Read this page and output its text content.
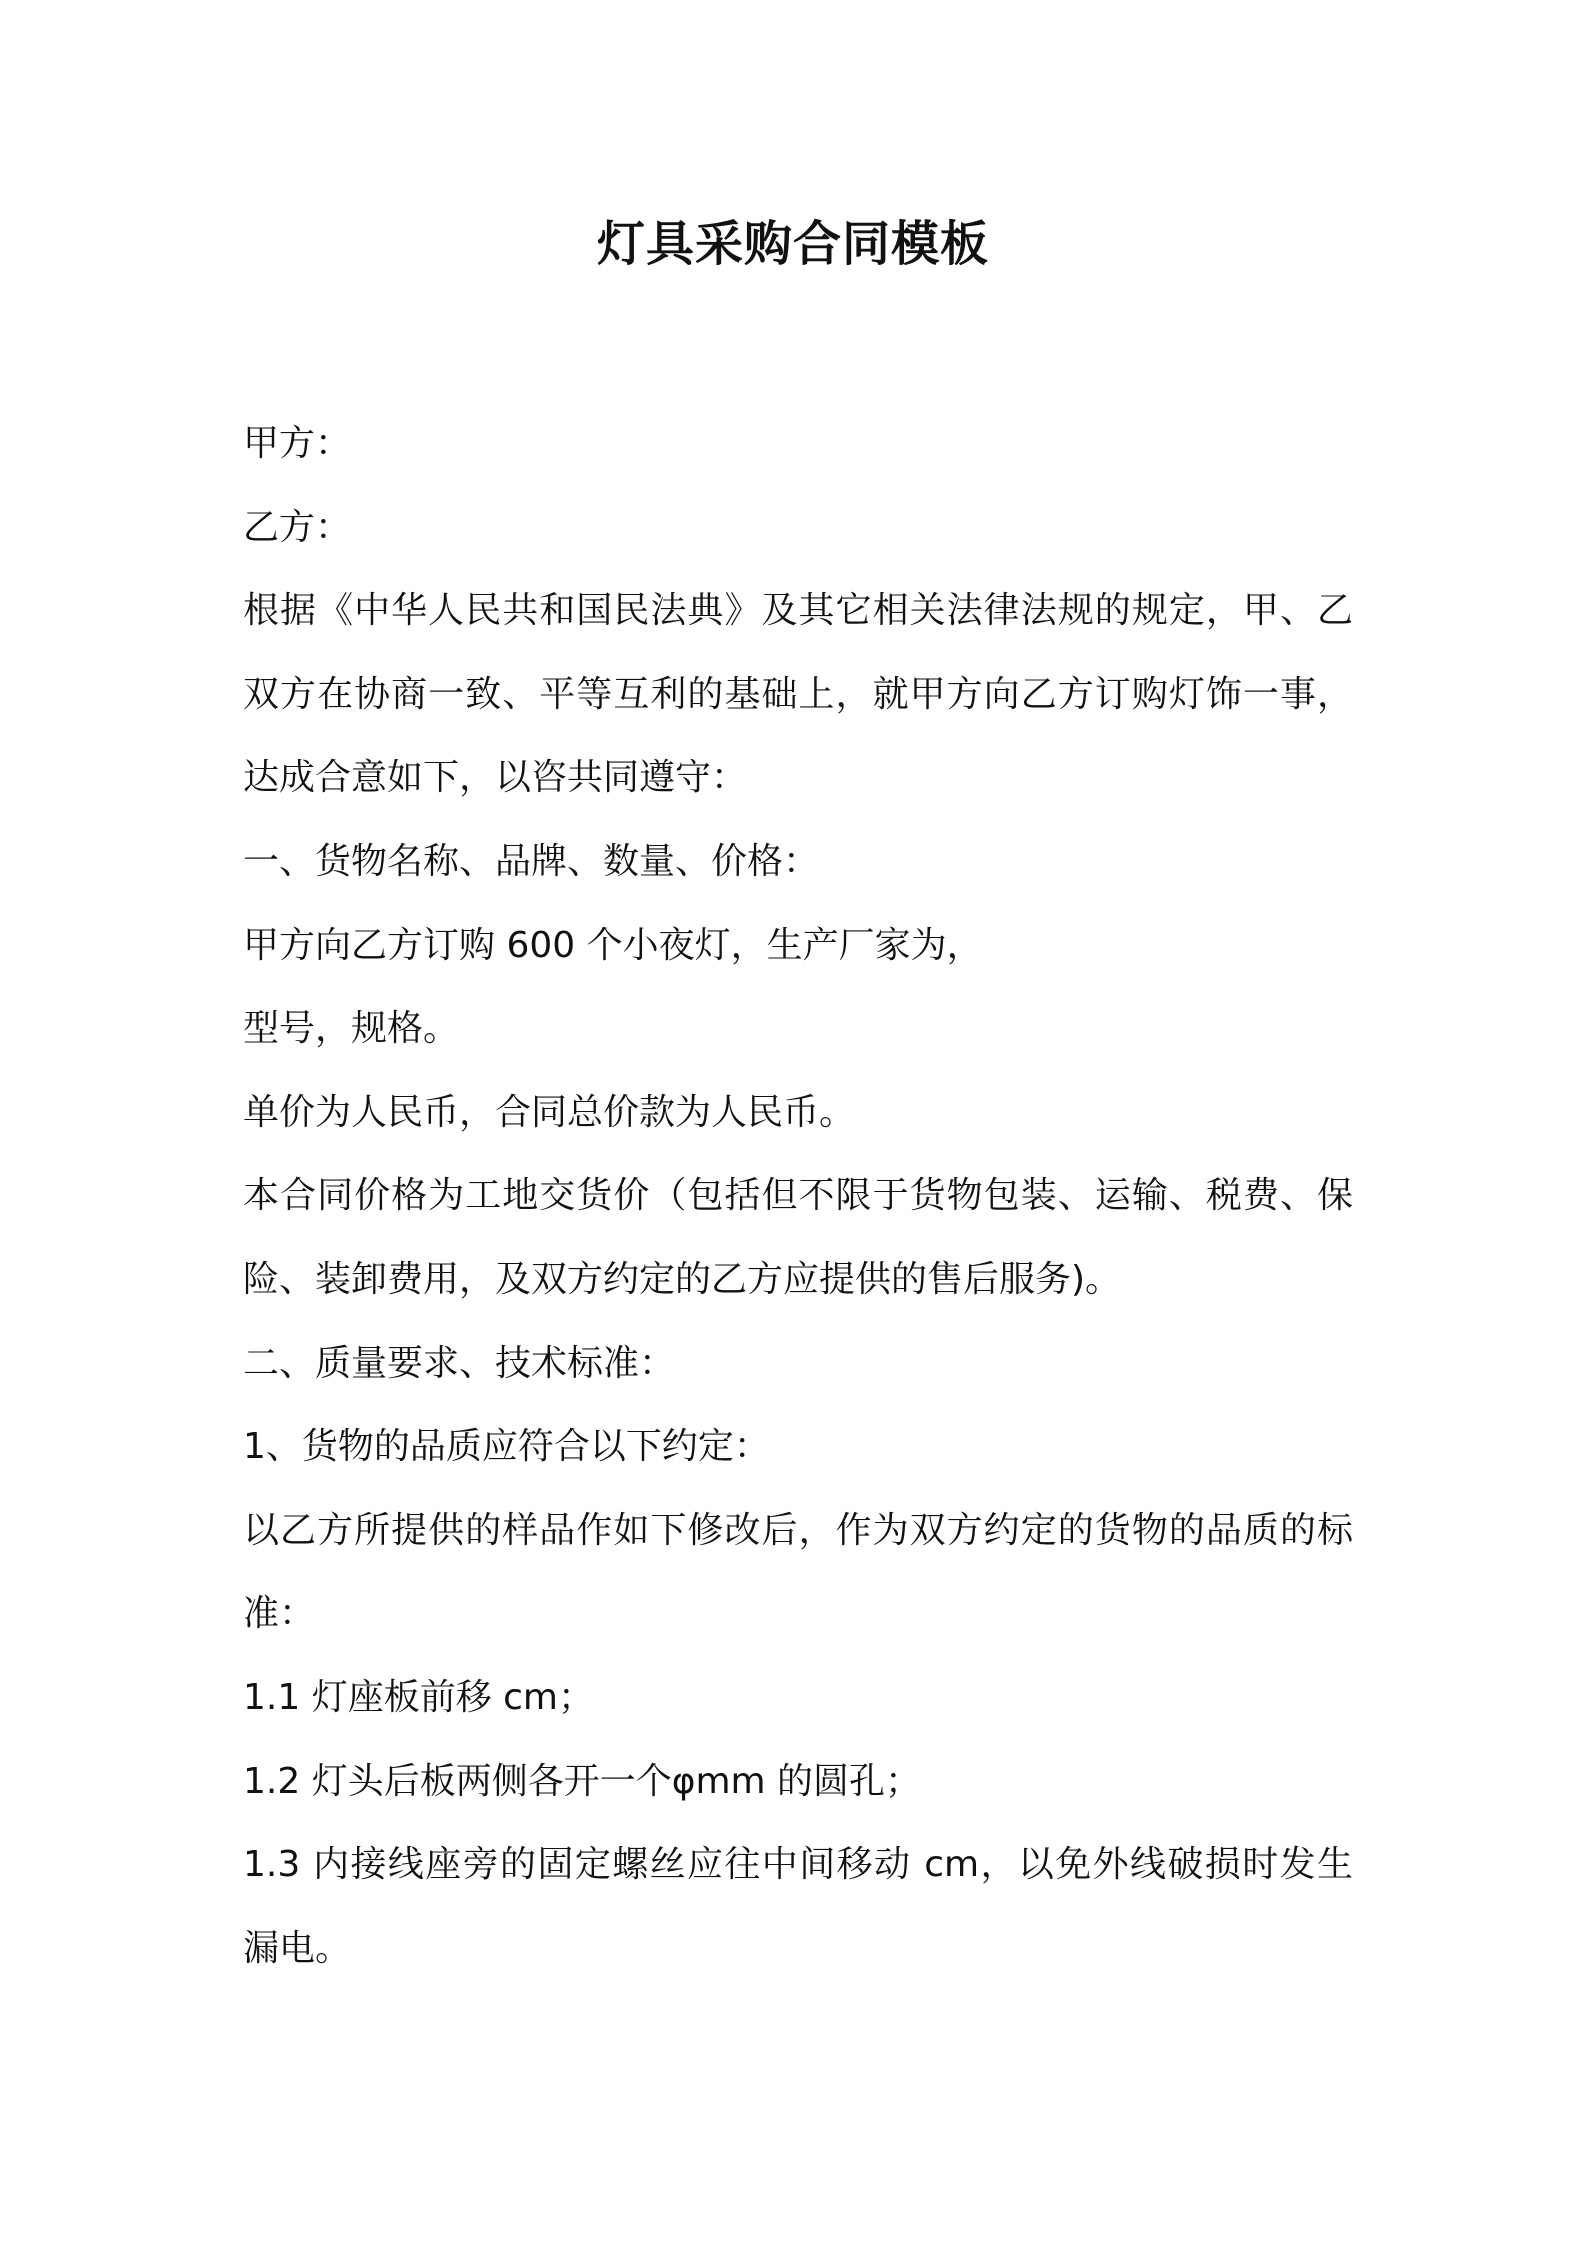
灯具采购合同模板
甲方：
乙方：
根据《中华人民共和国民法典》及其它相关法律法规的规定，甲、乙
双方在协商一致、平等互利的基础上，就甲方向乙方订购灯饰一事，
达成合意如下，以咨共同遵守：
一、货物名称、品牌、数量、价格：
甲方向乙方订购 600 个小夜灯，生产厂家为，
型号，规格。
单价为人民币，合同总价款为人民币。
本合同价格为工地交货价（包括但不限于货物包装、运输、税费、保
险、装卸费用，及双方约定的乙方应提供的售后服务)。
二、质量要求、技术标准：
1、货物的品质应符合以下约定：
以乙方所提供的样品作如下修改后，作为双方约定的货物的品质的标
准：
1.1 灯座板前移 cm；
1.2 灯头后板两侧各开一个φmm 的圆孔；
1.3 内接线座旁的固定螺丝应往中间移动 cm，以免外线破损时发生
漏电。
